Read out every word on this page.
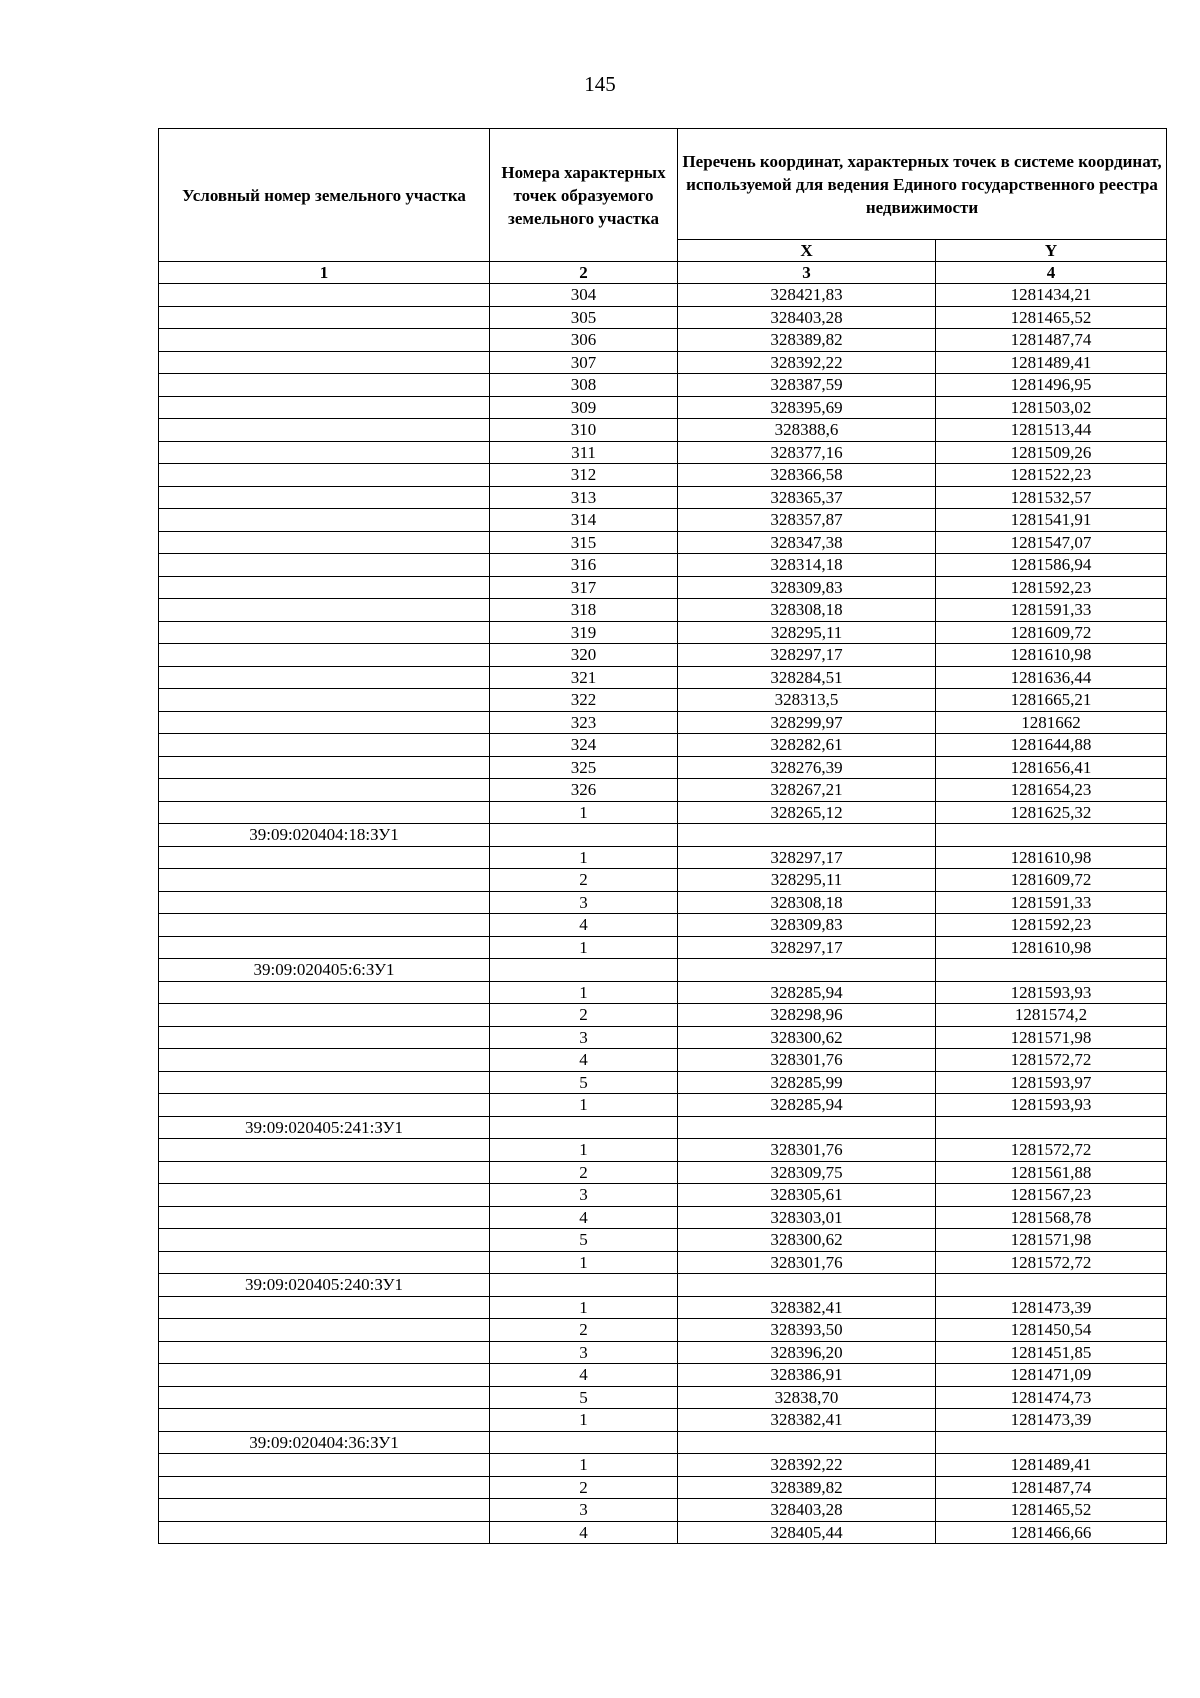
145
Условный номер земельного участка	Номера характерных точек образуемого земельного участка	Перечень координат, характерных точек в системе координат, используемой для ведения Единого государственного реестра недвижимости	
		X	Y
1	2	3	4
	304	328421,83	1281434,21
	305	328403,28	1281465,52
	306	328389,82	1281487,74
	307	328392,22	1281489,41
	308	328387,59	1281496,95
	309	328395,69	1281503,02
	310	328388,6	1281513,44
	311	328377,16	1281509,26
	312	328366,58	1281522,23
	313	328365,37	1281532,57
	314	328357,87	1281541,91
	315	328347,38	1281547,07
	316	328314,18	1281586,94
	317	328309,83	1281592,23
	318	328308,18	1281591,33
	319	328295,11	1281609,72
	320	328297,17	1281610,98
	321	328284,51	1281636,44
	322	328313,5	1281665,21
	323	328299,97	1281662
	324	328282,61	1281644,88
	325	328276,39	1281656,41
	326	328267,21	1281654,23
	1	328265,12	1281625,32
39:09:020404:18:ЗУ1			
	1	328297,17	1281610,98
	2	328295,11	1281609,72
	3	328308,18	1281591,33
	4	328309,83	1281592,23
	1	328297,17	1281610,98
39:09:020405:6:ЗУ1			
	1	328285,94	1281593,93
	2	328298,96	1281574,2
	3	328300,62	1281571,98
	4	328301,76	1281572,72
	5	328285,99	1281593,97
	1	328285,94	1281593,93
39:09:020405:241:ЗУ1			
	1	328301,76	1281572,72
	2	328309,75	1281561,88
	3	328305,61	1281567,23
	4	328303,01	1281568,78
	5	328300,62	1281571,98
	1	328301,76	1281572,72
39:09:020405:240:ЗУ1			
	1	328382,41	1281473,39
	2	328393,50	1281450,54
	3	328396,20	1281451,85
	4	328386,91	1281471,09
	5	32838,70	1281474,73
	1	328382,41	1281473,39
39:09:020404:36:ЗУ1			
	1	328392,22	1281489,41
	2	328389,82	1281487,74
	3	328403,28	1281465,52
	4	328405,44	1281466,66
